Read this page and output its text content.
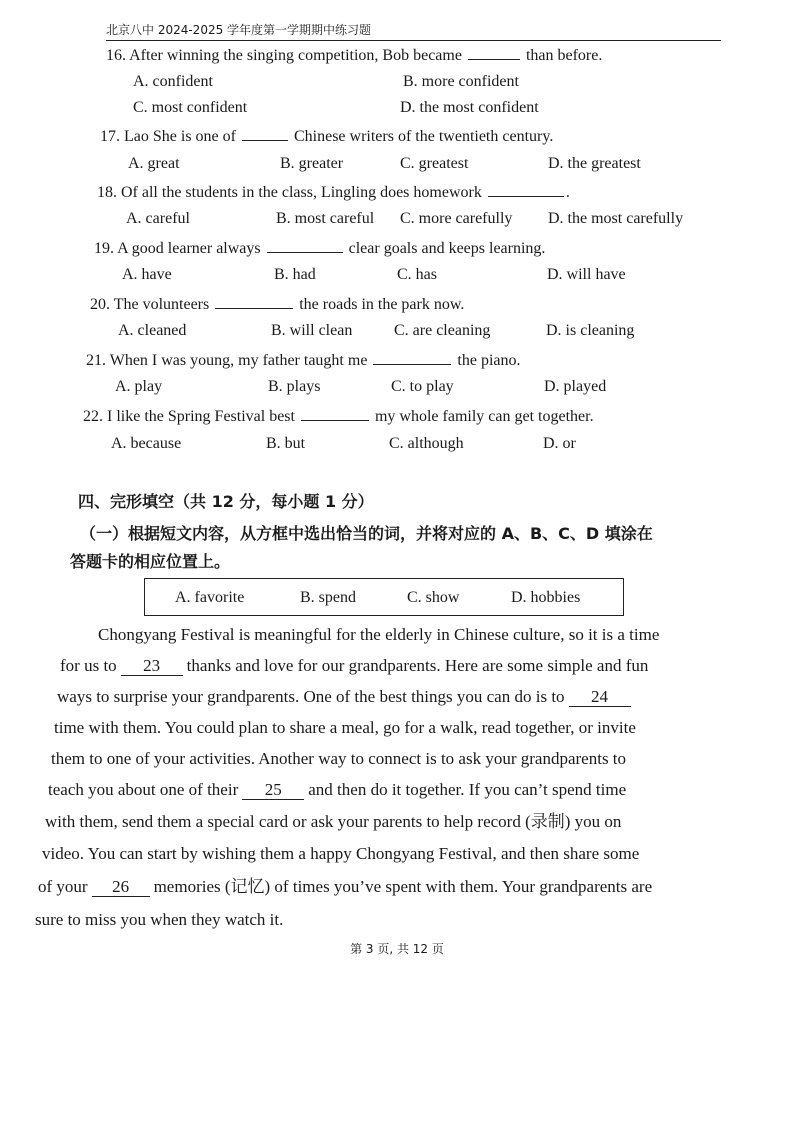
北京八中 2024-2025 学年度第一学期期中练习题
16. After winning the singing competition, Bob became	than before.
A. confident	B. more confident
C. most confident	D. the most confident
17. Lao She is one of	Chinese writers of the twentieth century.
A. great	B. greater	C. greatest	D. the greatest
18. Of all the students in the class, Lingling does homework	.
A. careful	B. most careful C. more carefully D. the most carefully
19. A good learner always	clear goals and keeps learning.
A. have	B. had	C. has	D. will have
20. The volunteers	the roads in the park now.
A. cleaned	B. will clean	C. are cleaning	D. is cleaning
21. When I was young, my father taught me	the piano.
A. play	B. plays	C. to play	D. played
22. I like the Spring Festival best	my whole family can get together.
A. because	B. but	C. although	D. or
四、完形填空（共 12 分，每小题 1 分）
（一）根据短文内容，从方框中选出恰当的词，并将对应的 A、B、C、D 填涂在
答题卡的相应位置上。
A. favorite	B. spend	C. show	D. hobbies
Chongyang Festival is meaningful for the elderly in Chinese culture, so it is a time
for us to 23 thanks and love for our grandparents. Here are some simple and fun
ways to surprise your grandparents. One of the best things you can do is to 24
time with them. You could plan to share a meal, go for a walk, read together, or invite
them to one of your activities. Another way to connect is to ask your grandparents to
teach you about one of their 25 and then do it together. If you can’t spend time
with them, send them a special card or ask your parents to help record (录制) you on
video. You can start by wishing them a happy Chongyang Festival, and then share some
of your 26 memories (记忆) of times you’ve spent with them. Your grandparents are
sure to miss you when they watch it.
第 3 页, 共 12 页
